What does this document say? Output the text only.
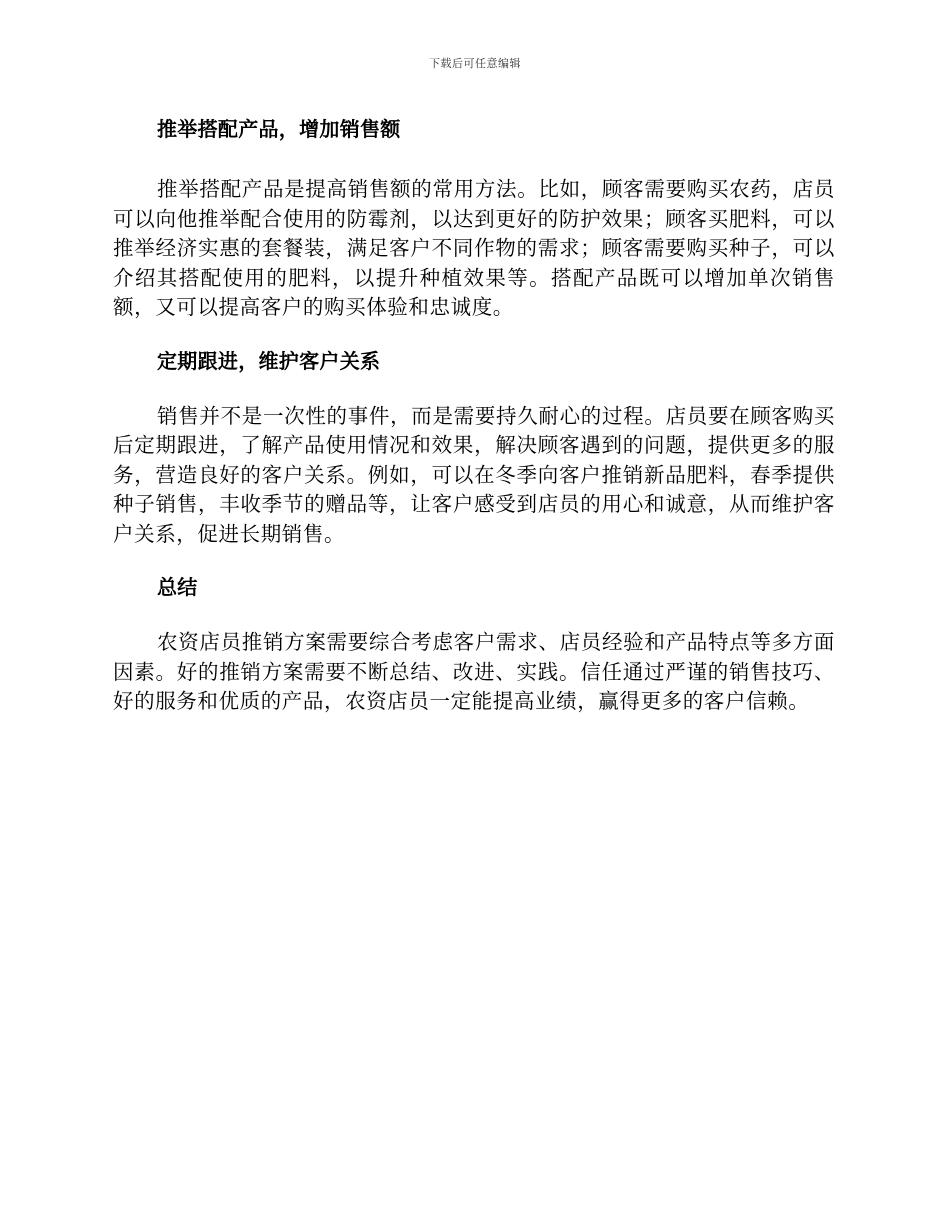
下载后可任意编辑
推举搭配产品，增加销售额

推举搭配产品是提高销售额的常用方法。比如，顾客需要购买农药，店员可以向他推举配合使用的防霉剂，以达到更好的防护效果；顾客买肥料，可以推举经济实惠的套餐装，满足客户不同作物的需求；顾客需要购买种子，可以介绍其搭配使用的肥料，以提升种植效果等。搭配产品既可以增加单次销售额，又可以提高客户的购买体验和忠诚度。

定期跟进，维护客户关系

销售并不是一次性的事件，而是需要持久耐心的过程。店员要在顾客购买后定期跟进，了解产品使用情况和效果，解决顾客遇到的问题，提供更多的服务，营造良好的客户关系。例如，可以在冬季向客户推销新品肥料，春季提供种子销售，丰收季节的赠品等，让客户感受到店员的用心和诚意，从而维护客户关系，促进长期销售。

总结

农资店员推销方案需要综合考虑客户需求、店员经验和产品特点等多方面因素。好的推销方案需要不断总结、改进、实践。信任通过严谨的销售技巧、好的服务和优质的产品，农资店员一定能提高业绩，赢得更多的客户信赖。
